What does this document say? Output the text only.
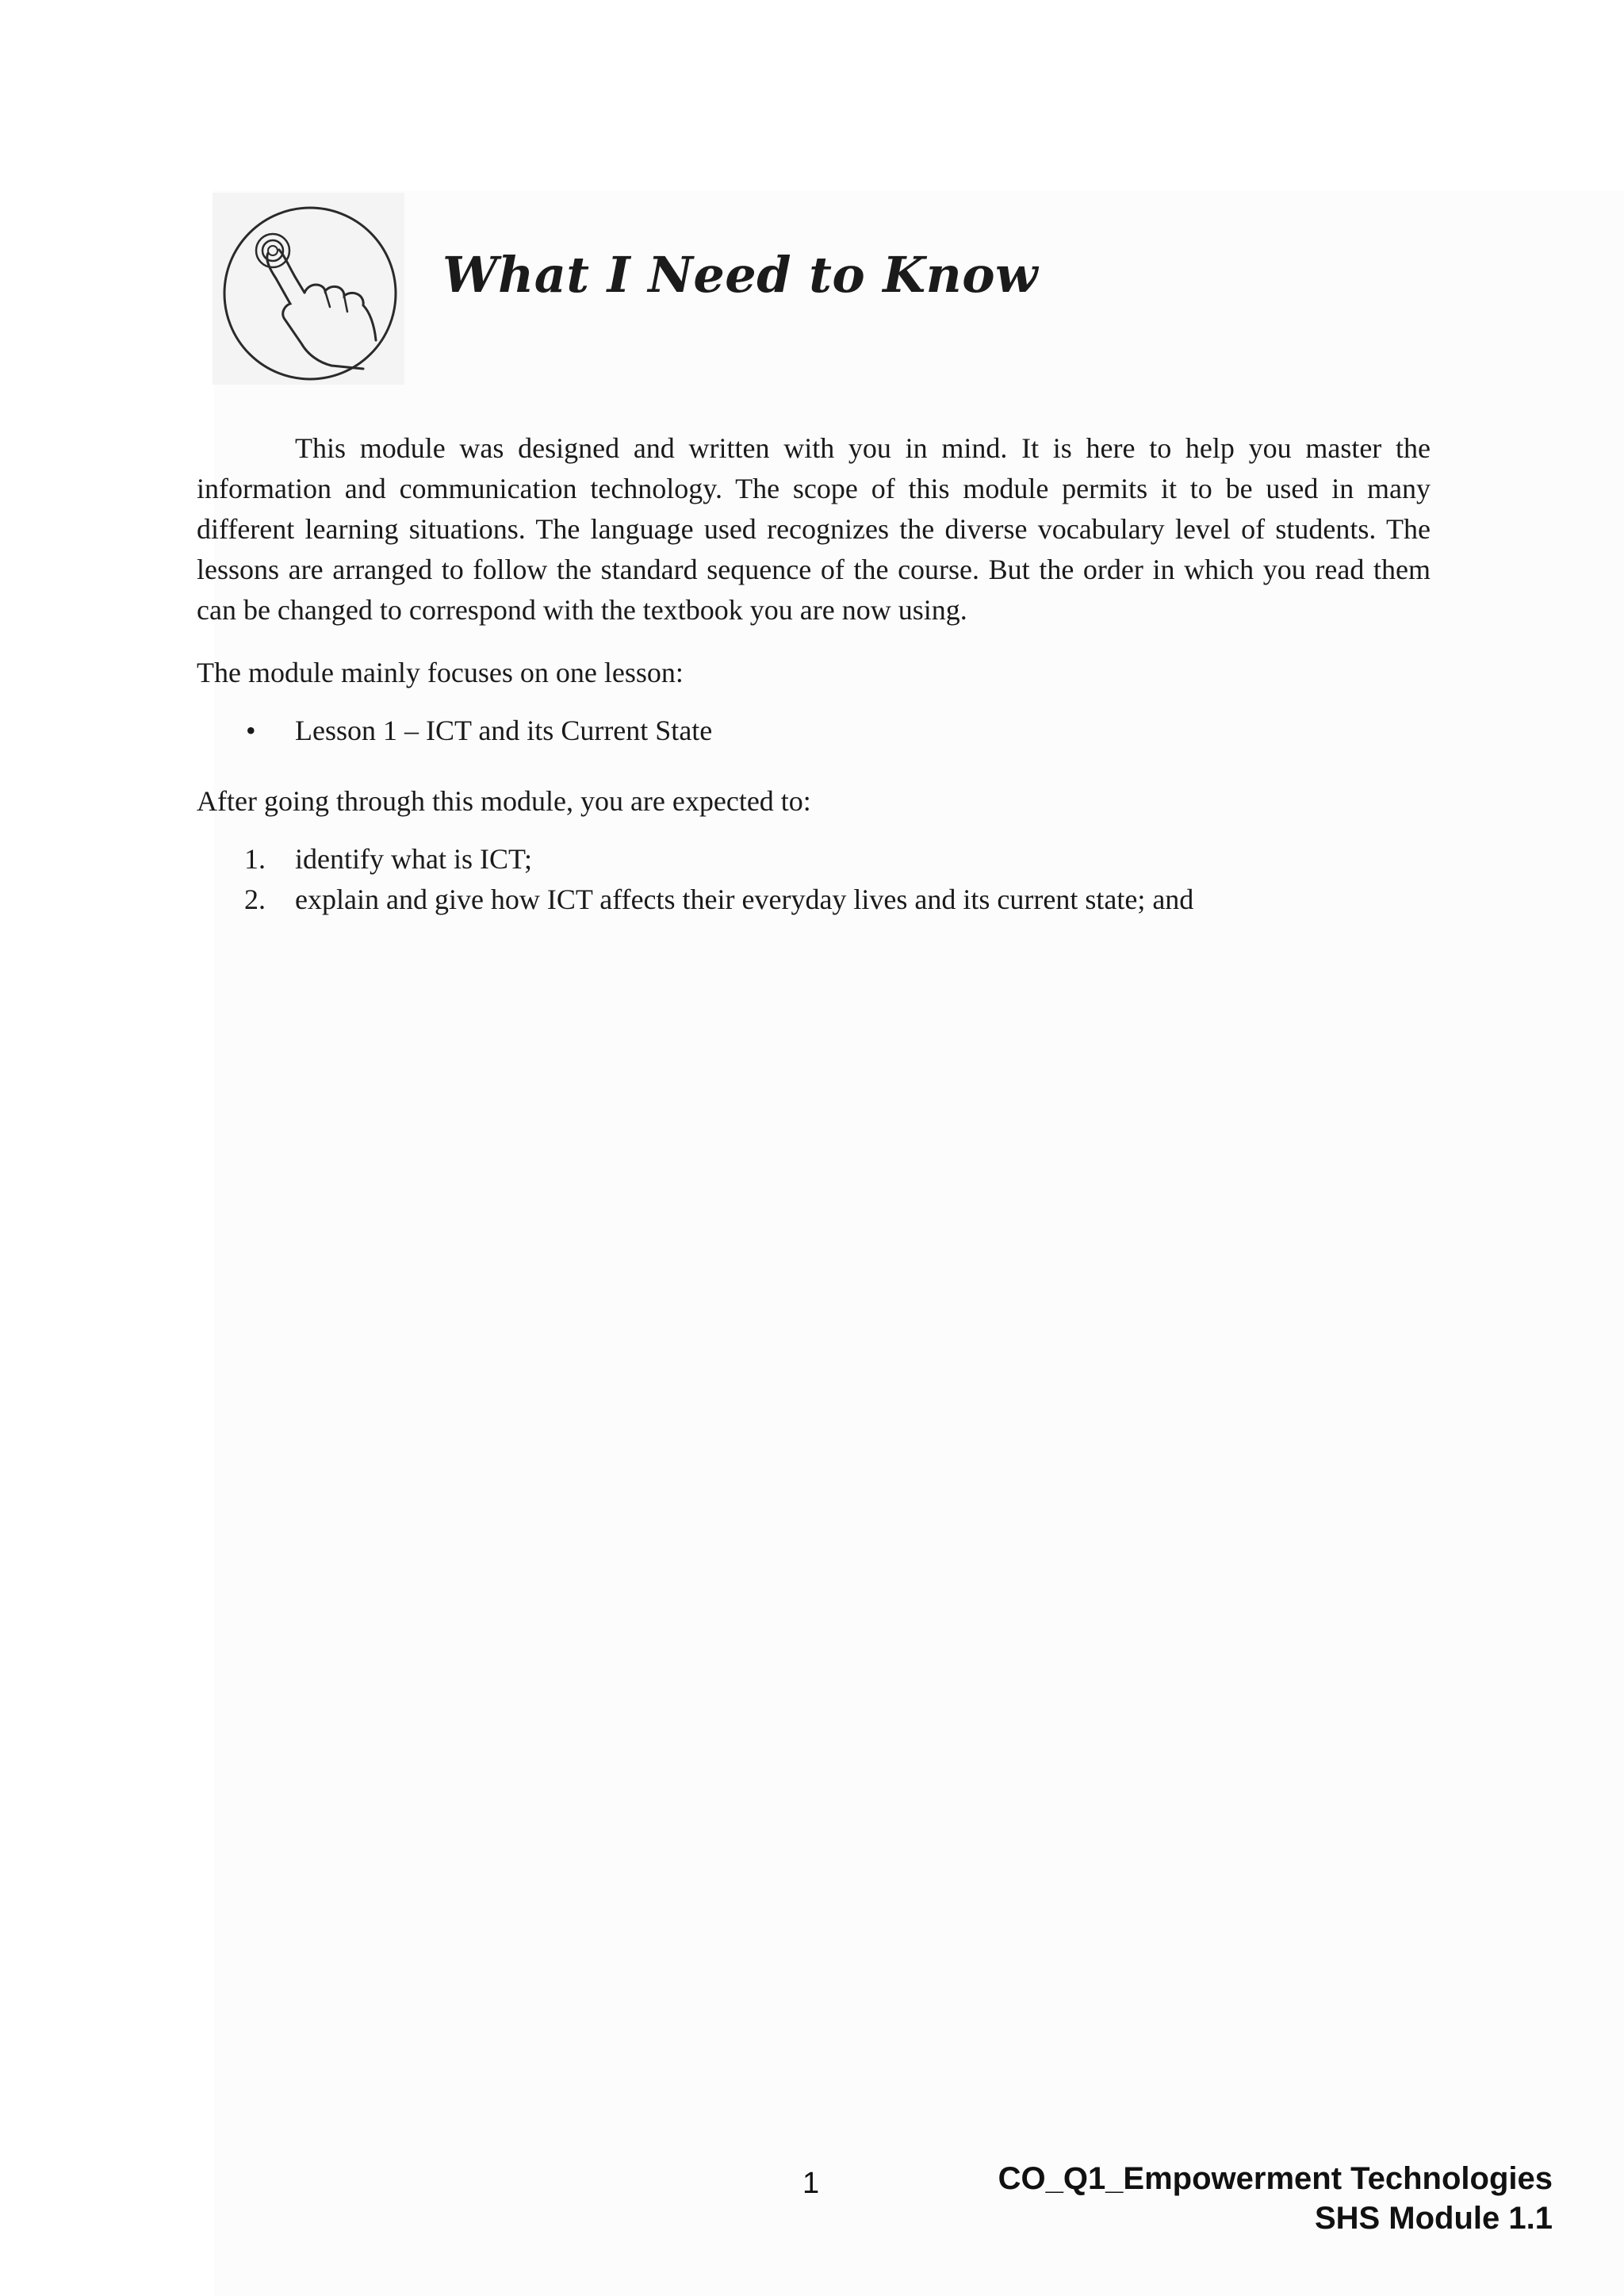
What I Need to Know

This module was designed and written with you in mind. It is here to help you master the information and communication technology. The scope of this module permits it to be used in many different learning situations. The language used recognizes the diverse vocabulary level of students. The lessons are arranged to follow the standard sequence of the course. But the order in which you read them can be changed to correspond with the textbook you are now using.

The module mainly focuses on one lesson:

• Lesson 1 – ICT and its Current State

After going through this module, you are expected to:

1. identify what is ICT;
2. explain and give how ICT affects their everyday lives and its current state; and
1	CO_Q1_Empowerment Technologies
SHS Module 1.1
